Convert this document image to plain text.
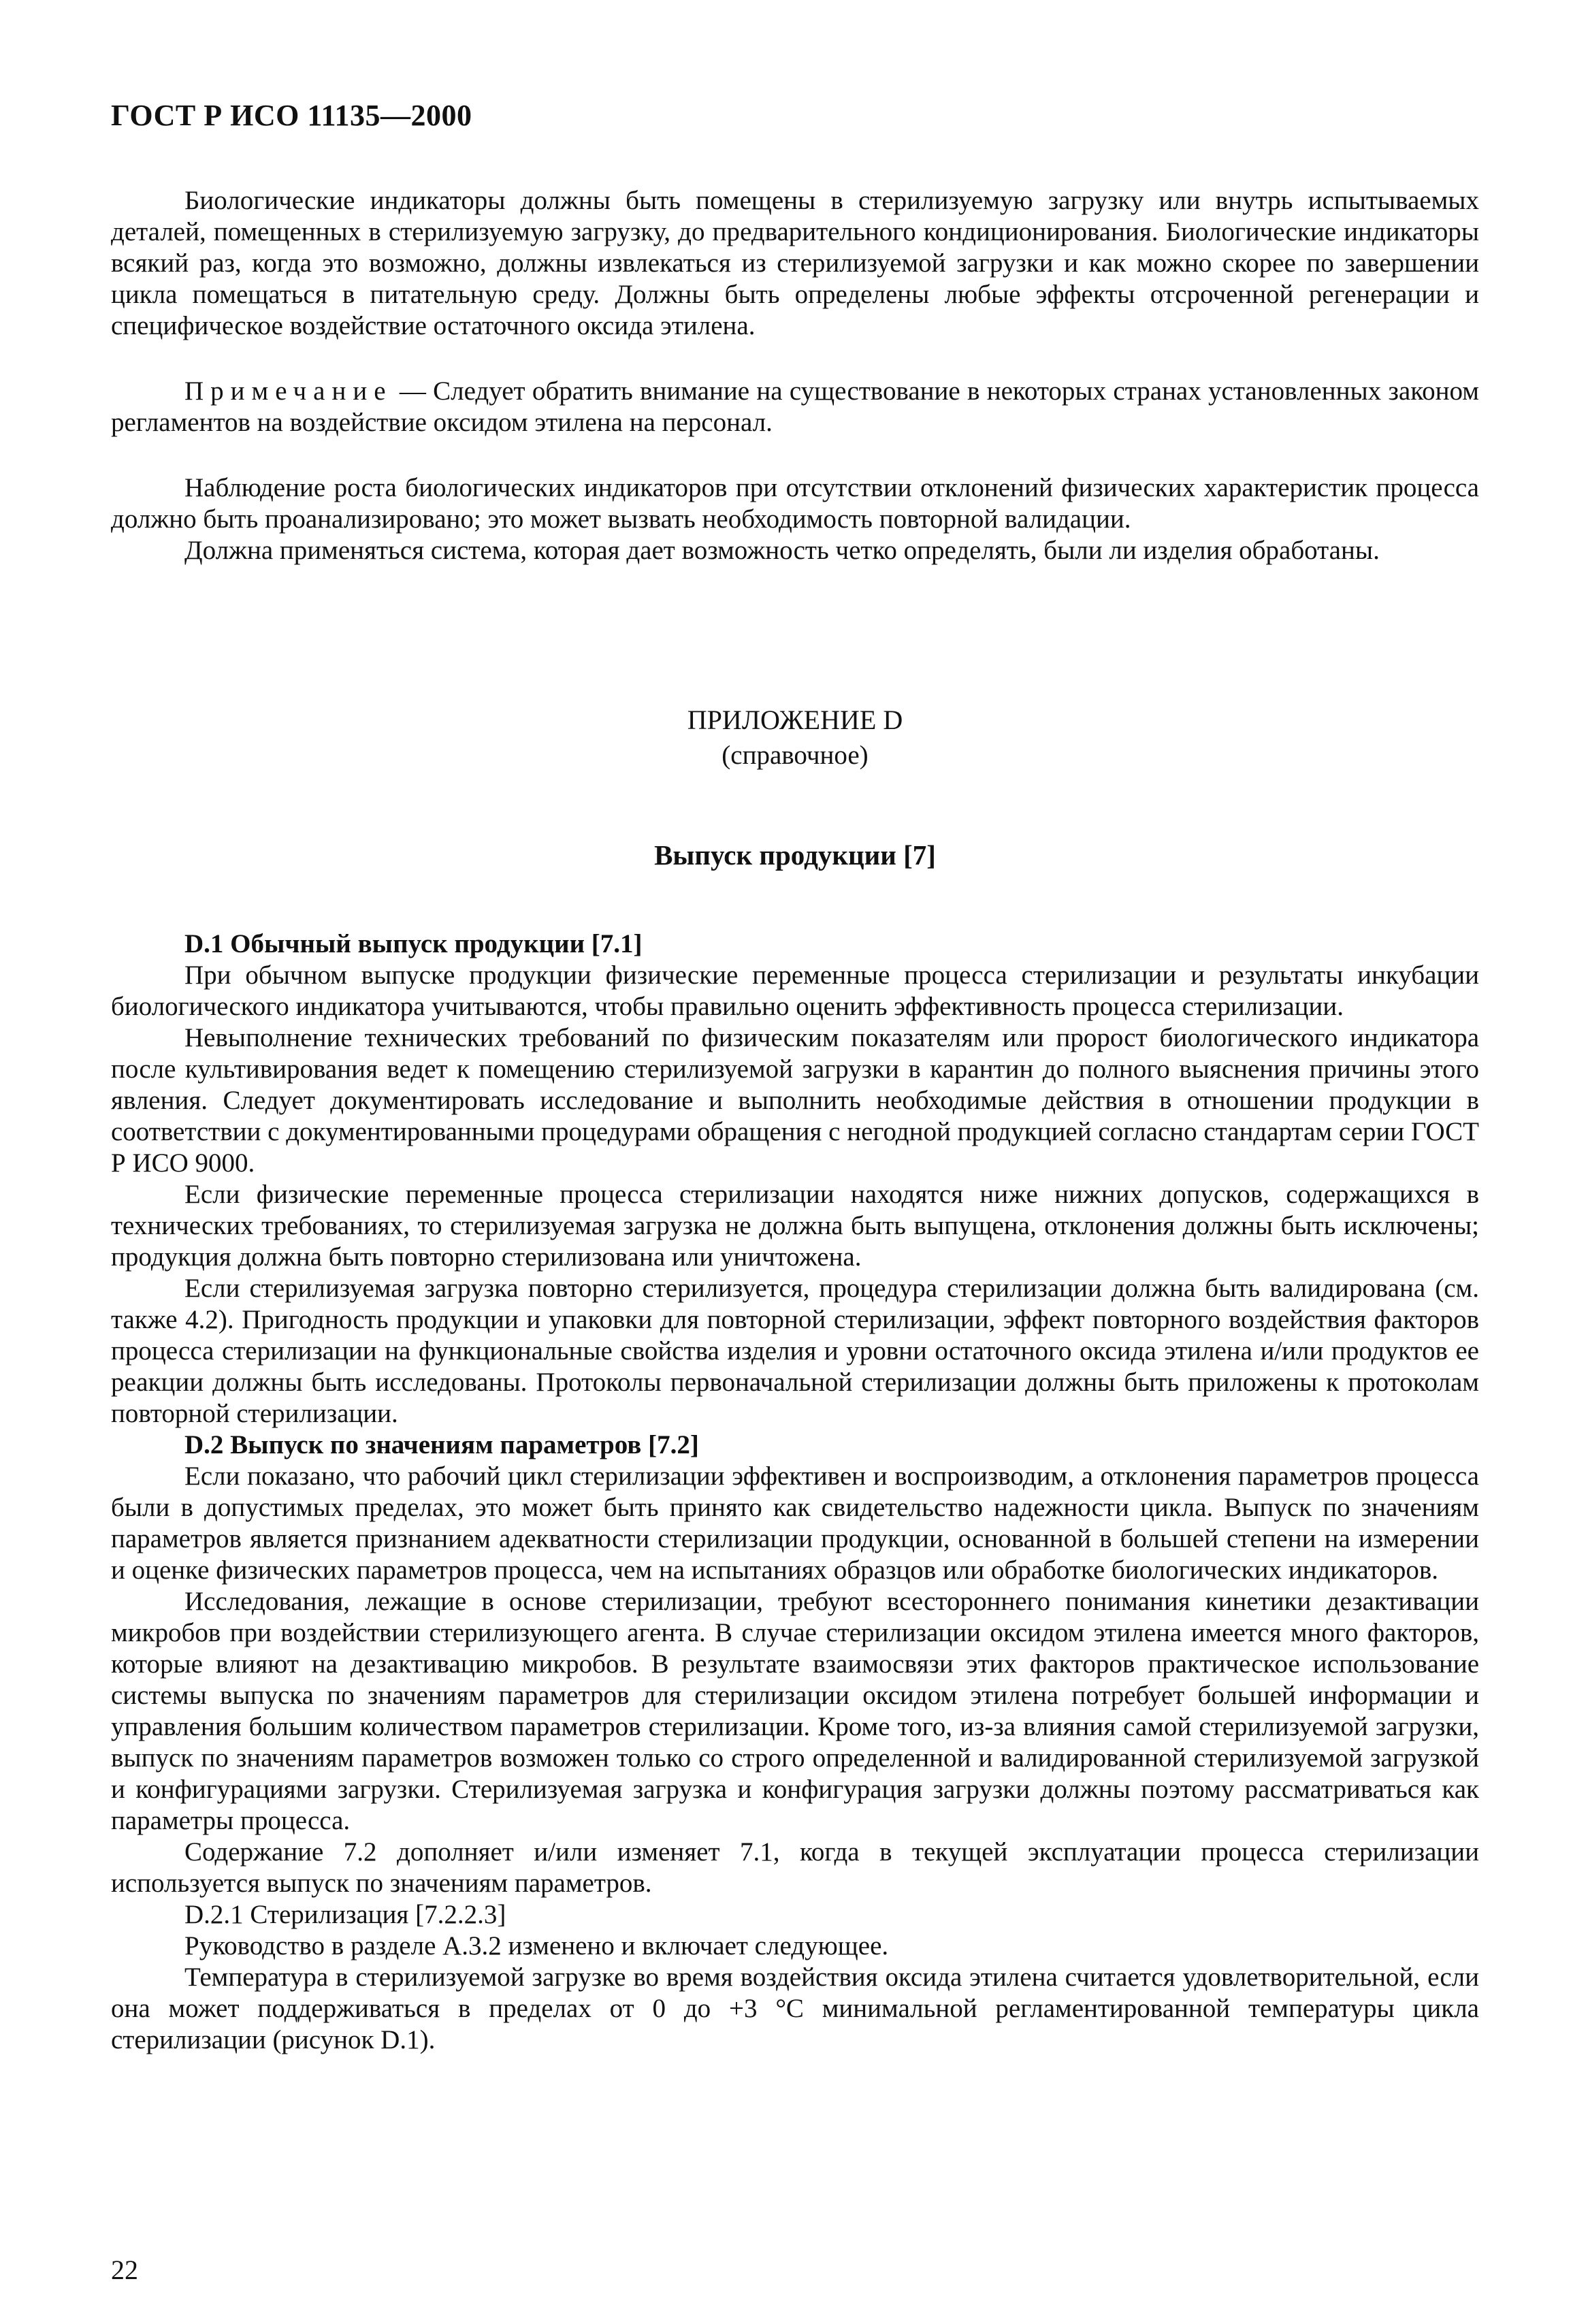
ГОСТ Р ИСО 11135—2000

Биологические индикаторы должны быть помещены в стерилизуемую загрузку или внутрь испытываемых деталей, помещенных в стерилизуемую загрузку, до предварительного кондиционирования. Биологические индикаторы всякий раз, когда это возможно, должны извлекаться из стерилизуемой загрузки и как можно скорее по завершении цикла помещаться в питательную среду. Должны быть определены любые эффекты отсроченной регенерации и специфическое воздействие остаточного оксида этилена.

Примечание — Следует обратить внимание на существование в некоторых странах установленных законом регламентов на воздействие оксидом этилена на персонал.

Наблюдение роста биологических индикаторов при отсутствии отклонений физических характеристик процесса должно быть проанализировано; это может вызвать необходимость повторной валидации.

Должна применяться система, которая дает возможность четко определять, были ли изделия обработаны.

ПРИЛОЖЕНИЕ D
(справочное)
Выпуск продукции [7]

D.1 Обычный выпуск продукции [7.1]

При обычном выпуске продукции физические переменные процесса стерилизации и результаты инкубации биологического индикатора учитываются, чтобы правильно оценить эффективность процесса стерилизации.

Невыполнение технических требований по физическим показателям или пророст биологического индикатора после культивирования ведет к помещению стерилизуемой загрузки в карантин до полного выяснения причины этого явления. Следует документировать исследование и выполнить необходимые действия в отношении продукции в соответствии с документированными процедурами обращения с негодной продукцией согласно стандартам серии ГОСТ Р ИСО 9000.

Если физические переменные процесса стерилизации находятся ниже нижних допусков, содержащихся в технических требованиях, то стерилизуемая загрузка не должна быть выпущена, отклонения должны быть исключены; продукция должна быть повторно стерилизована или уничтожена.

Если стерилизуемая загрузка повторно стерилизуется, процедура стерилизации должна быть валидирована (см. также 4.2). Пригодность продукции и упаковки для повторной стерилизации, эффект повторного воздействия факторов процесса стерилизации на функциональные свойства изделия и уровни остаточного оксида этилена и/или продуктов ее реакции должны быть исследованы. Протоколы первоначальной стерилизации должны быть приложены к протоколам повторной стерилизации.

D.2 Выпуск по значениям параметров [7.2]

Если показано, что рабочий цикл стерилизации эффективен и воспроизводим, а отклонения параметров процесса были в допустимых пределах, это может быть принято как свидетельство надежности цикла. Выпуск по значениям параметров является признанием адекватности стерилизации продукции, основанной в большей степени на измерении и оценке физических параметров процесса, чем на испытаниях образцов или обработке биологических индикаторов.

Исследования, лежащие в основе стерилизации, требуют всестороннего понимания кинетики дезактивации микробов при воздействии стерилизующего агента. В случае стерилизации оксидом этилена имеется много факторов, которые влияют на дезактивацию микробов. В результате взаимосвязи этих факторов практическое использование системы выпуска по значениям параметров для стерилизации оксидом этилена потребует большей информации и управления большим количеством параметров стерилизации. Кроме того, из-за влияния самой стерилизуемой загрузки, выпуск по значениям параметров возможен только со строго определенной и валидированной стерилизуемой загрузкой и конфигурациями загрузки. Стерилизуемая загрузка и конфигурация загрузки должны поэтому рассматриваться как параметры процесса.

Содержание 7.2 дополняет и/или изменяет 7.1, когда в текущей эксплуатации процесса стерилизации используется выпуск по значениям параметров.

D.2.1 Стерилизация [7.2.2.3]

Руководство в разделе А.3.2 изменено и включает следующее.

Температура в стерилизуемой загрузке во время воздействия оксида этилена считается удовлетворительной, если она может поддерживаться в пределах от 0 до +3 °С минимальной регламентированной температуры цикла стерилизации (рисунок D.1).

22
